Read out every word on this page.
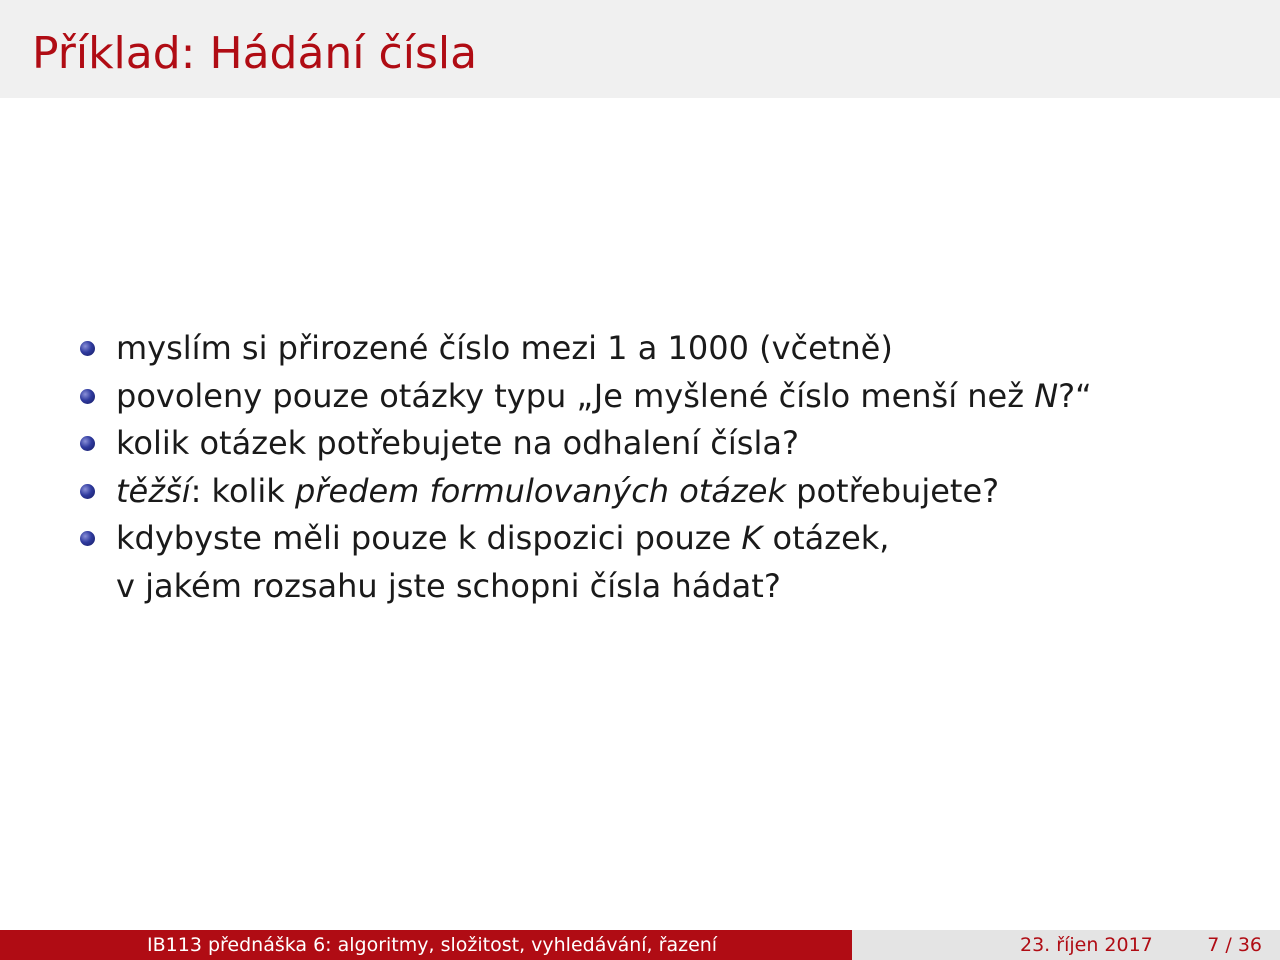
Příklad: Hádání čísla
myslím si přirozené číslo mezi 1 a 1000 (včetně)
povoleny pouze otázky typu „Je myšlené číslo menší než N?“
kolik otázek potřebujete na odhalení čísla?
těžší: kolik předem formulovaných otázek potřebujete?
kdybyste měli pouze k dispozici pouze K otázek,
v jakém rozsahu jste schopni čísla hádat?
IB113 přednáška 6: algoritmy, složitost, vyhledávání, řazení	23. říjen 2017	7 / 36
